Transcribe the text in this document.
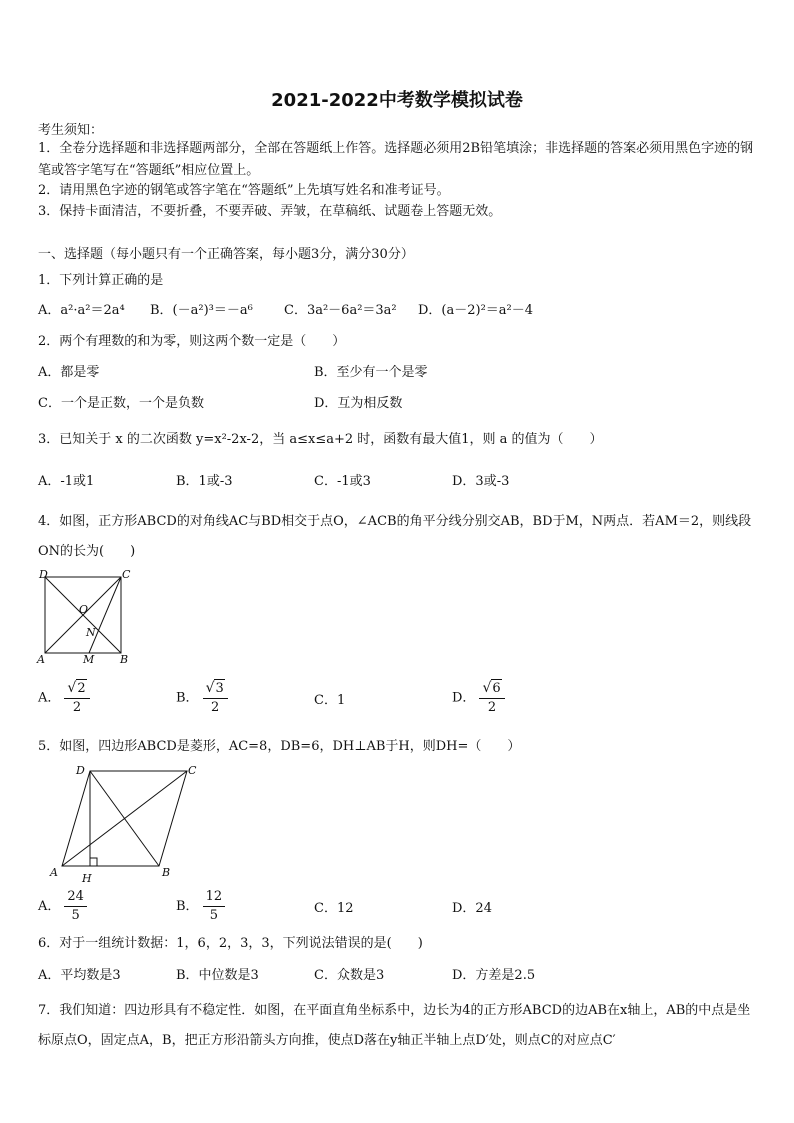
2021-2022中考数学模拟试卷
考生须知：
1．全卷分选择题和非选择题两部分，全部在答题纸上作答。选择题必须用2B铅笔填涂；非选择题的答案必须用黑色字迹的钢笔或答字笔写在“答题纸”相应位置上。
2．请用黑色字迹的钢笔或答字笔在“答题纸”上先填写姓名和准考证号。
3．保持卡面清洁，不要折叠，不要弄破、弄皱，在草稿纸、试题卷上答题无效。
一、选择题（每小题只有一个正确答案，每小题3分，满分30分）
1．下列计算正确的是
A．a²·a²＝2a⁴ B．(－a²)³＝－a⁶ C．3a²－6a²＝3a² D．(a－2)²＝a²－4
2．两个有理数的和为零，则这两个数一定是（　　）
A．都是零	B．至少有一个是零
C．一个是正数，一个是负数	D．互为相反数
3．已知关于 x 的二次函数 y=x²-2x-2，当 a≤x≤a+2 时，函数有最大值1，则 a 的值为（　　）
A．-1或1	B．1或-3	C．-1或3	D．3或-3
4．如图，正方形ABCD的对角线AC与BD相交于点O，∠ACB的角平分线分别交AB，BD于M，N两点．若AM＝2，则线段ON的长为(　　)
D	C
O
N
A	M B
A． $\frac{√2}{2}$	B． $\frac{√3}{2}$	C．1	D． $\frac{√6}{2}$
5．如图，四边形ABCD是菱形，AC=8，DB=6，DH⊥AB于H，则DH=（　　）
D	C
A H	B
A． $\frac{24}{5}$	B． $\frac{12}{5}$	C．12	D．24
6．对于一组统计数据：1，6，2，3，3，下列说法错误的是(　　)
A．平均数是3	B．中位数是3	C．众数是3	D．方差是2.5
7．我们知道：四边形具有不稳定性．如图，在平面直角坐标系中，边长为4的正方形ABCD的边AB在x轴上，AB的中点是坐标原点O，固定点A，B，把正方形沿箭头方向推，使点D落在y轴正半轴上点D′处，则点C的对应点C′
